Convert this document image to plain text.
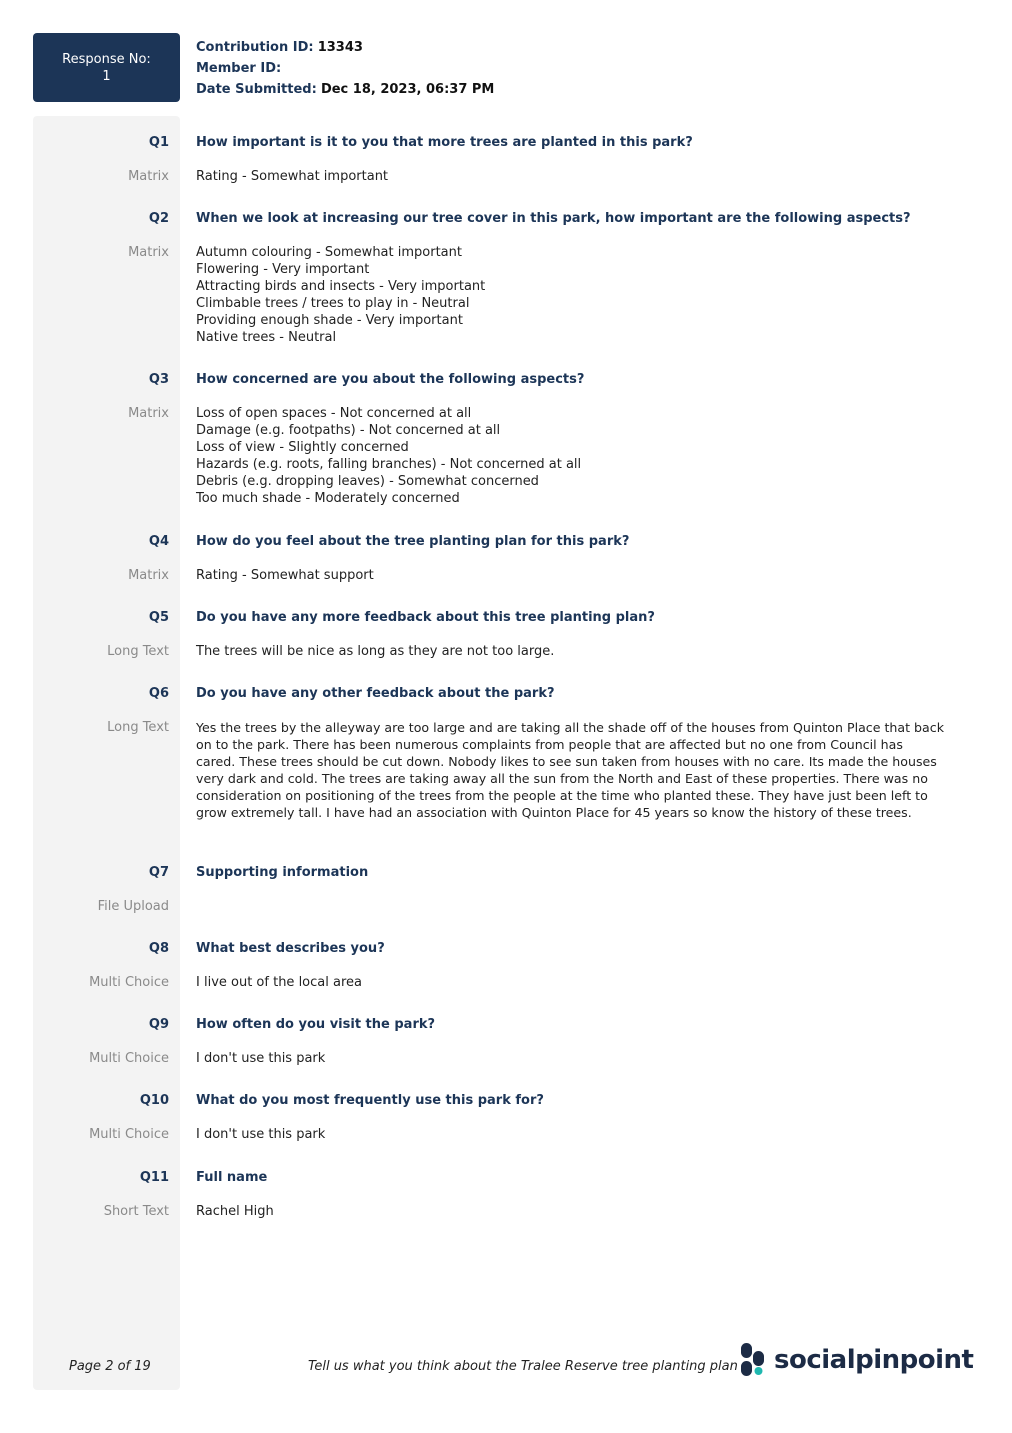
Response No:
1
Contribution ID: 13343
Member ID:
Date Submitted: Dec 18, 2023, 06:37 PM
Q1 How important is it to you that more trees are planted in this park?
Matrix Rating - Somewhat important
Q2 When we look at increasing our tree cover in this park, how important are the following aspects?
Matrix Autumn colouring - Somewhat important
Flowering - Very important
Attracting birds and insects - Very important
Climbable trees / trees to play in - Neutral
Providing enough shade - Very important
Native trees - Neutral
Q3 How concerned are you about the following aspects?
Matrix Loss of open spaces - Not concerned at all
Damage (e.g. footpaths) - Not concerned at all
Loss of view - Slightly concerned
Hazards (e.g. roots, falling branches) - Not concerned at all
Debris (e.g. dropping leaves) - Somewhat concerned
Too much shade - Moderately concerned
Q4 How do you feel about the tree planting plan for this park?
Matrix Rating - Somewhat support
Q5 Do you have any more feedback about this tree planting plan?
Long Text The trees will be nice as long as they are not too large.
Q6 Do you have any other feedback about the park?
Long Text Yes the trees by the alleyway are too large and are taking all the shade off of the houses from Quinton Place that back on to the park. There has been numerous complaints from people that are affected but no one from Council has cared. These trees should be cut down. Nobody likes to see sun taken from houses with no care. Its made the houses very dark and cold. The trees are taking away all the sun from the North and East of these properties. There was no consideration on positioning of the trees from the people at the time who planted these. They have just been left to grow extremely tall. I have had an association with Quinton Place for 45 years so know the history of these trees.
Q7 Supporting information
File Upload
Q8 What best describes you?
Multi Choice I live out of the local area
Q9 How often do you visit the park?
Multi Choice I don't use this park
Q10 What do you most frequently use this park for?
Multi Choice I don't use this park
Q11 Full name
Short Text Rachel High
Page 2 of 19	Tell us what you think about the Tralee Reserve tree planting plan socialpinpoint
